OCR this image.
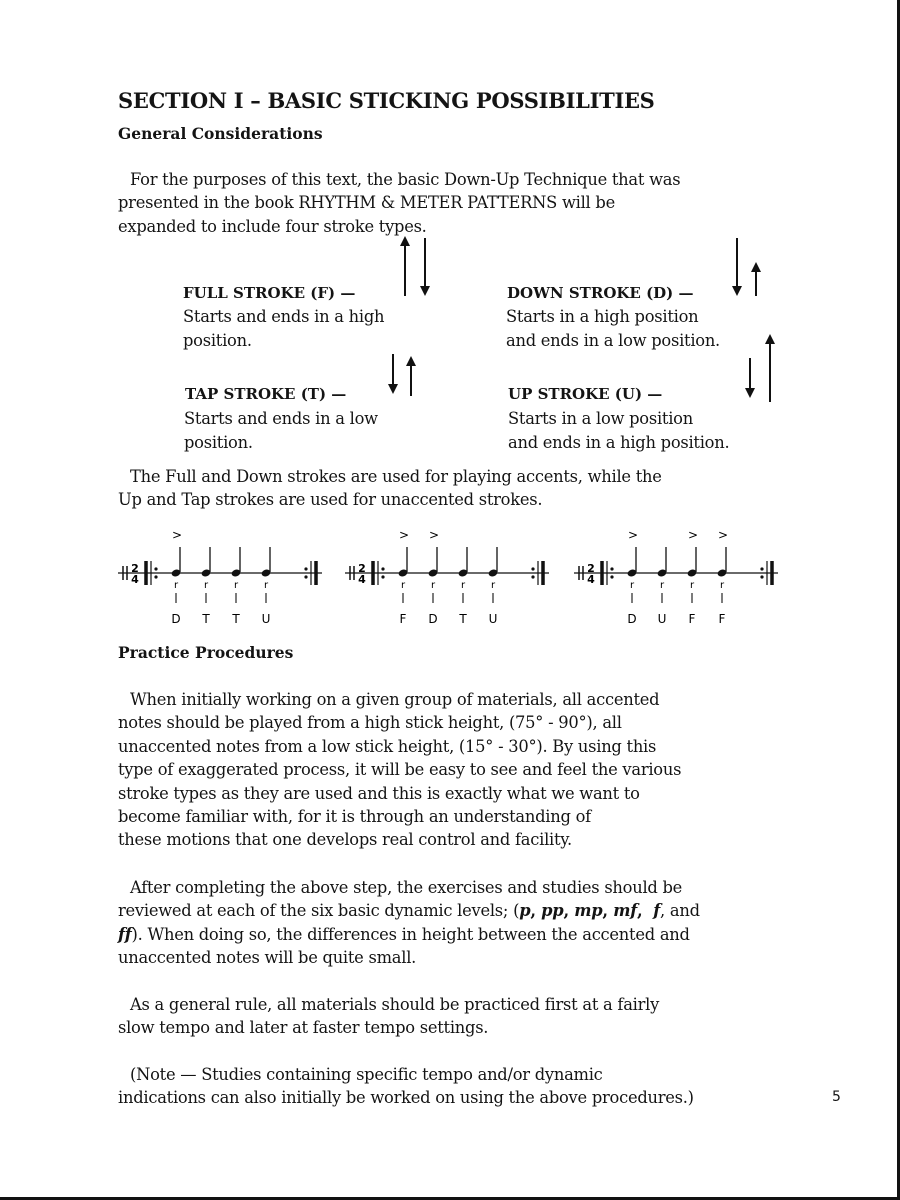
SECTION I – BASIC STICKING POSSIBILITIES
General Considerations
For the purposes of this text, the basic Down-Up Technique that was
presented in the book RHYTHM & METER PATTERNS will be
expanded to include four stroke types.
FULL STROKE (F) —
Starts and ends in a high
position.
DOWN STROKE (D) —
Starts in a high position
and ends in a low position.
TAP STROKE (T) —
Starts and ends in a low
position.
UP STROKE (U) —
Starts in a low position
and ends in a high position.
The Full and Down strokes are used for playing accents, while the
Up and Tap strokes are used for unaccented strokes.
2
4
>
r
D
r
T
r
T
r
U
2
4
>
r
F
>
r
D
r
T
r
U
2
4
>
r
D
r
U
>
r
F
>
r
F
Practice Procedures
When initially working on a given group of materials, all accented
notes should be played from a high stick height, (75° - 90°), all
unaccented notes from a low stick height, (15° - 30°). By using this
type of exaggerated process, it will be easy to see and feel the various
stroke types as they are used and this is exactly what we want to
become familiar with, for it is through an understanding of
these motions that one develops real control and facility.
After completing the above step, the exercises and studies should be
reviewed at each of the six basic dynamic levels; (p, pp, mp, mf,  f, and
ff). When doing so, the differences in height between the accented and
unaccented notes will be quite small.
As a general rule, all materials should be practiced first at a fairly
slow tempo and later at faster tempo settings.
(Note — Studies containing specific tempo and/or dynamic
indications can also initially be worked on using the above procedures.)	5
